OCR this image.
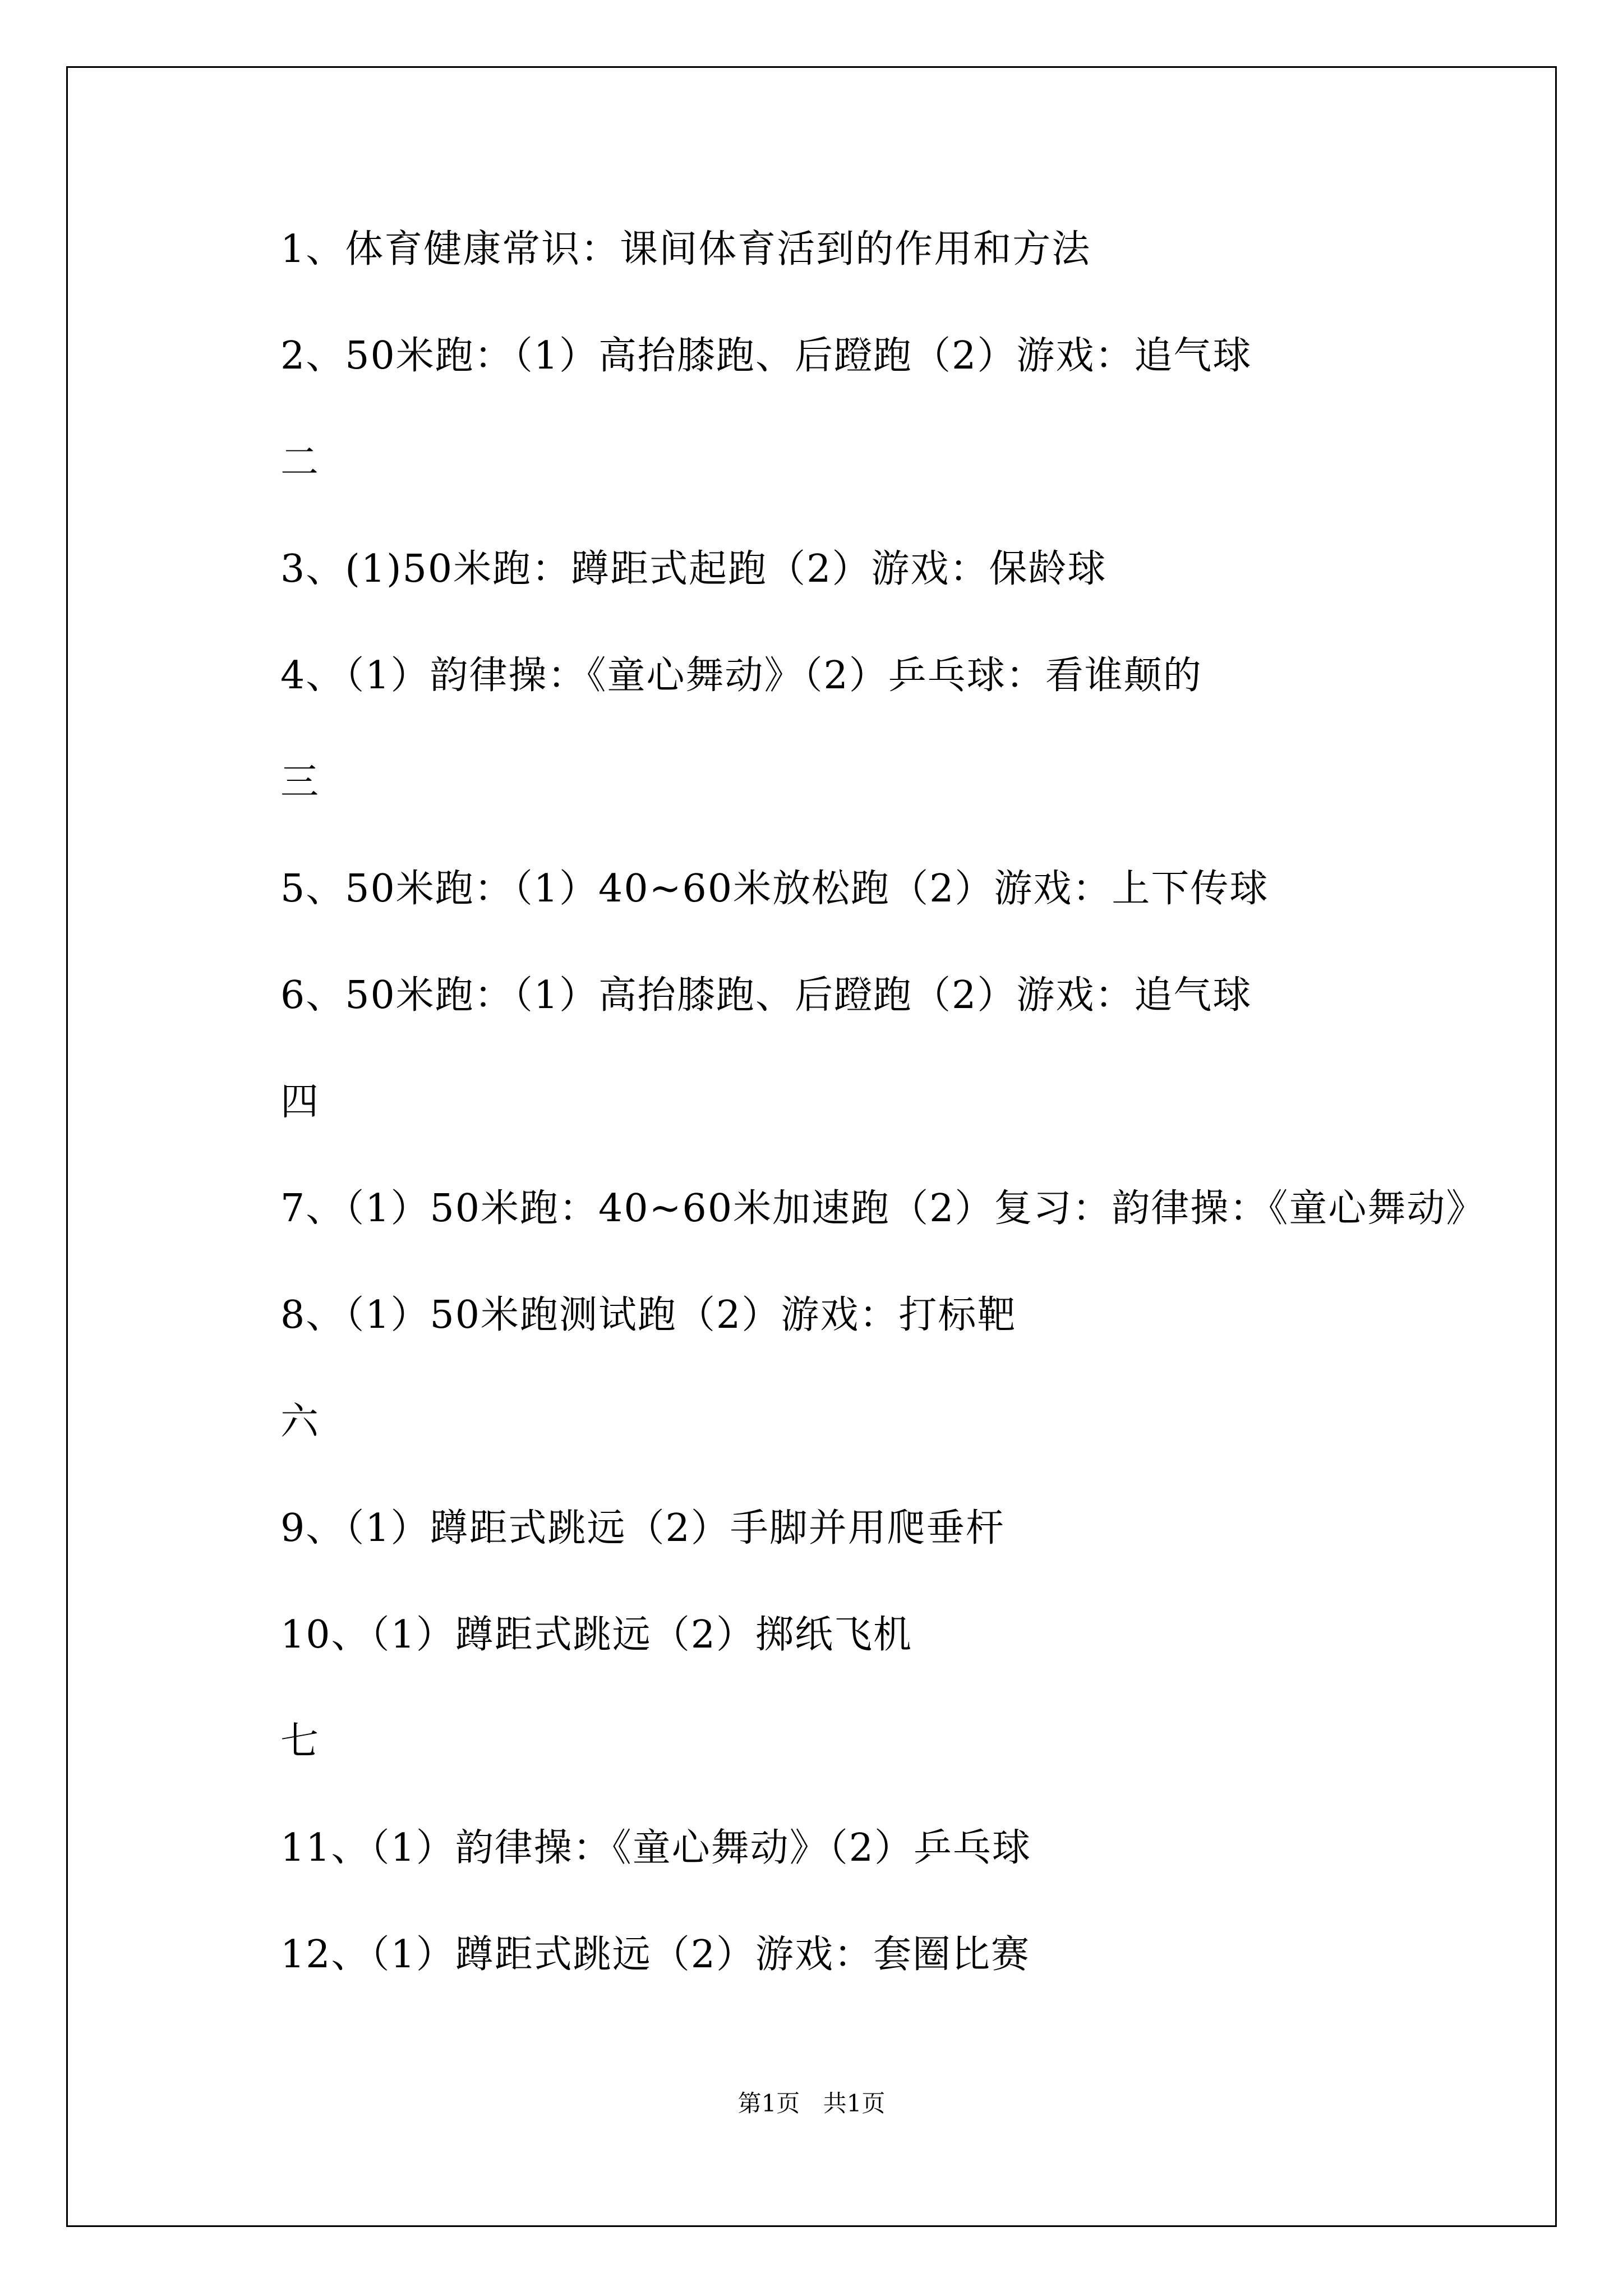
1、体育健康常识：课间体育活到的作用和方法
2、50米跑：（1）高抬膝跑、后蹬跑（2）游戏：追气球
二
3、(1)50米跑：蹲距式起跑（2）游戏：保龄球
4、（1）韵律操：《童心舞动》（2）乒乓球：看谁颠的
三
5、50米跑：（1）40~60米放松跑（2）游戏：上下传球
6、50米跑：（1）高抬膝跑、后蹬跑（2）游戏：追气球
四
7、（1）50米跑：40~60米加速跑（2）复习：韵律操：《童心舞动》
8、（1）50米跑测试跑（2）游戏：打标靶
六
9、（1）蹲距式跳远（2）手脚并用爬垂杆
10、（1）蹲距式跳远（2）掷纸飞机
七
11、（1）韵律操：《童心舞动》（2）乒乓球
12、（1）蹲距式跳远（2）游戏：套圈比赛
第1页 共1页
